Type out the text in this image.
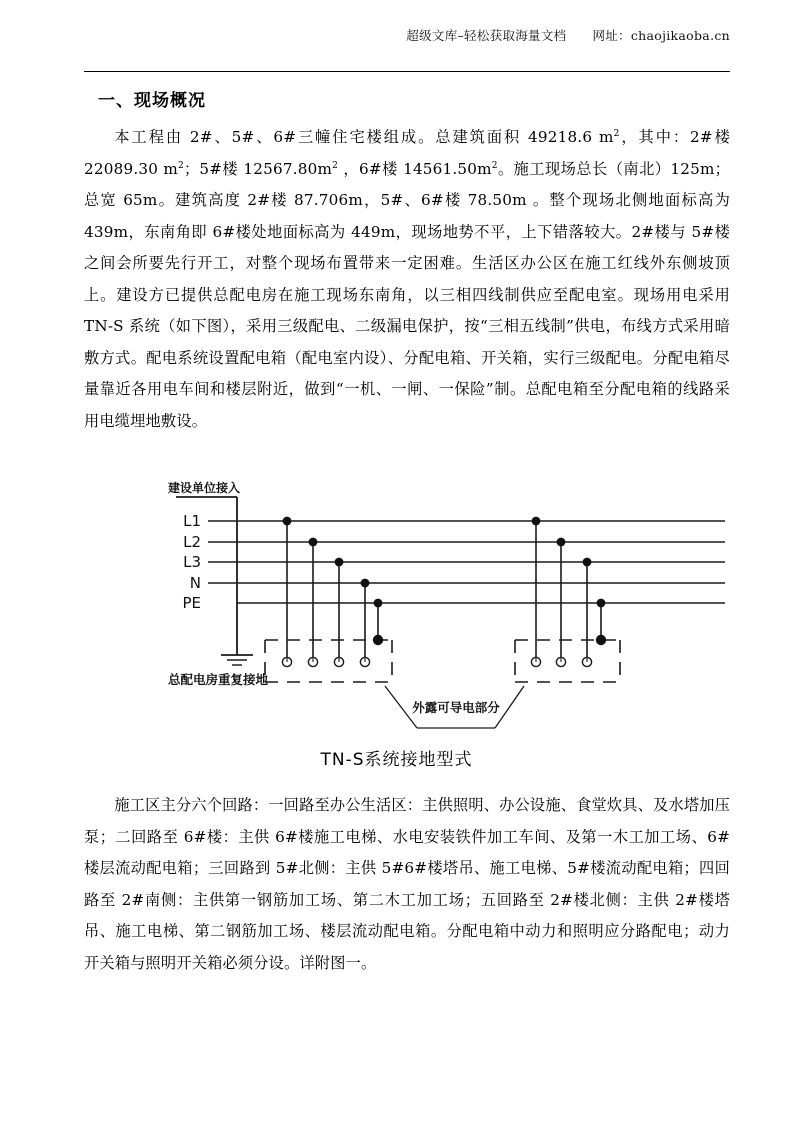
超级文库–轻松获取海量文档 网址：chaojikaoba.cn
一、现场概况

本工程由 2#、5#、6#三幢住宅楼组成。总建筑面积 49218.6 $m^2$，其中：2#楼 22089.30 $m^2$；5#楼 $12567.80m^2$ ，6#楼 $14561.50m^2$。施工现场总长（南北）125m；总宽 65m。建筑高度 2#楼 87.706m，5#、6#楼 78.50m 。整个现场北侧地面标高为 439m，东南角即 6#楼处地面标高为 449m，现场地势不平，上下错落较大。2#楼与 5#楼之间会所要先行开工，对整个现场布置带来一定困难。生活区办公区在施工红线外东侧坡顶上。建设方已提供总配电房在施工现场东南角，以三相四线制供应至配电室。现场用电采用 TN-S 系统（如下图），采用三级配电、二级漏电保护，按“三相五线制”供电，布线方式采用暗敷方式。配电系统设置配电箱（配电室内设）、分配电箱、开关箱，实行三级配电。分配电箱尽量靠近各用电车间和楼层附近，做到“一机、一闸、一保险”制。总配电箱至分配电箱的线路采用电缆埋地敷设。

建设单位接入
L1
L2
L3
N
PE
总配电房重复接地
外露可导电部分
TN-S系统接地型式

施工区主分六个回路：一回路至办公生活区：主供照明、办公设施、食堂炊具、及水塔加压泵；二回路至 6#楼：主供 6#楼施工电梯、水电安装铁件加工车间、及第一木工加工场、6#楼层流动配电箱；三回路到 5#北侧：主供 5#6#楼塔吊、施工电梯、5#楼流动配电箱；四回路至 2#南侧：主供第一钢筋加工场、第二木工加工场；五回路至 2#楼北侧：主供 2#楼塔吊、施工电梯、第二钢筋加工场、楼层流动配电箱。分配电箱中动力和照明应分路配电；动力开关箱与照明开关箱必须分设。详附图一。
